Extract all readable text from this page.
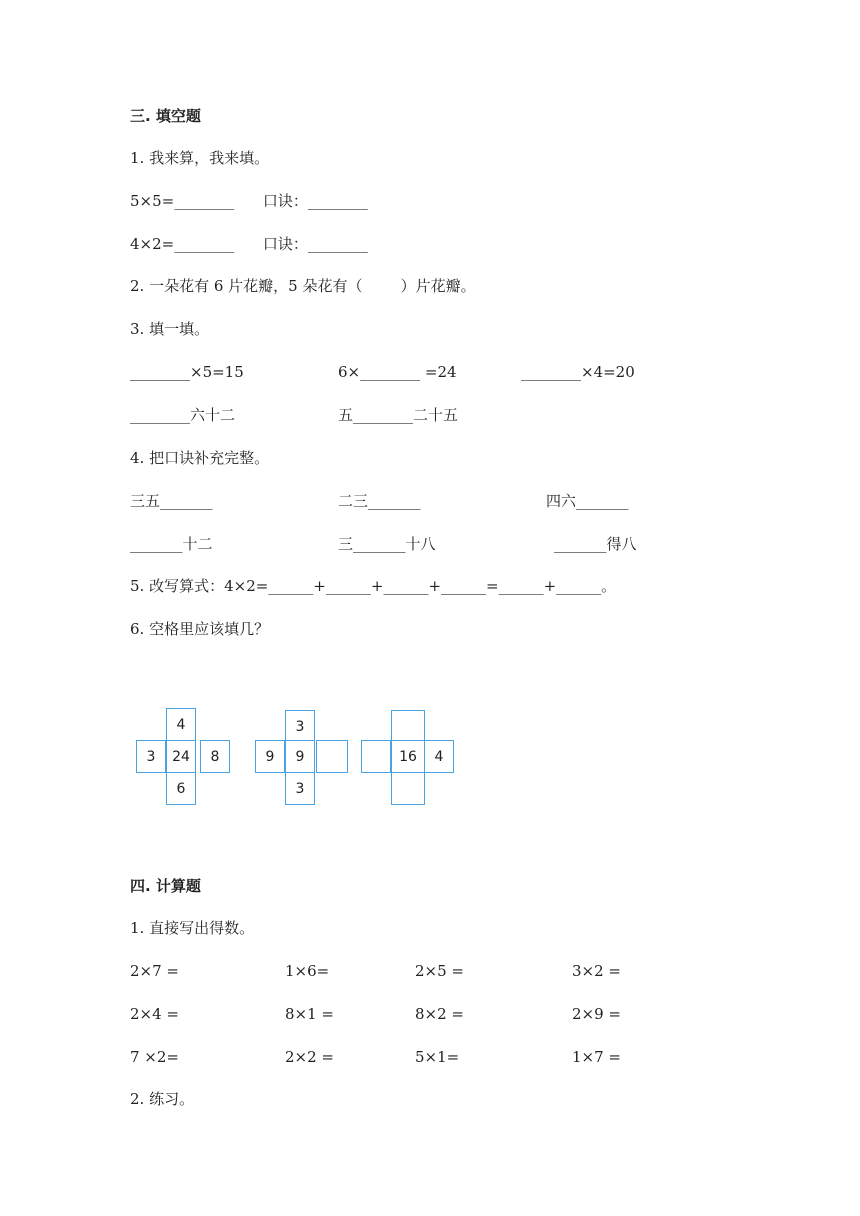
三. 填空题
1. 我来算，我来填。
5×5=________      口诀：________
4×2=________      口诀：________
2. 一朵花有 6 片花瓣，5 朵花有（        ）片花瓣。
3. 填一填。
________×5=15	6×________ =24	________×4=20
________六十二	五________二十五
4. 把口诀补充完整。
三五_______	二三_______	四六_______
_______十二	三_______十八	_______得八
5. 改写算式：4×2=______+______+______+______=______+______。
6. 空格里应该填几？
4
3	24	8
6
3
9	9
3
16	4
四. 计算题
1. 直接写出得数。
2×7 =	1×6=	2×5 =	3×2 =
2×4 =	8×1 =	8×2 =	2×9 =
7 ×2=	2×2 =	5×1=	1×7 =
2. 练习。
